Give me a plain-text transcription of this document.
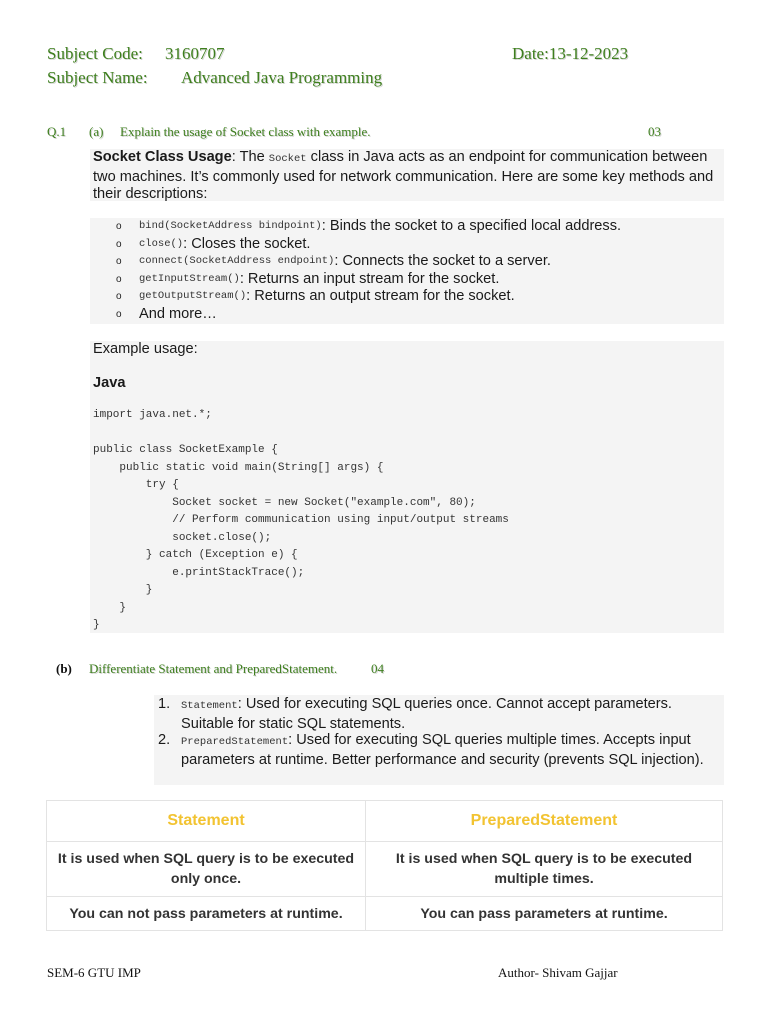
Subject Code: 3160707	Date:13-12-2023
Subject Name: Advanced Java Programming
Q.1 (a) Explain the usage of Socket class with example.	03
Socket Class Usage: The Socket class in Java acts as an endpoint for communication between two machines. It’s commonly used for network communication. Here are some key methods and their descriptions:
o	bind(SocketAddress bindpoint) : Binds the socket to a specified local address.
o	close() : Closes the socket.
o	connect(SocketAddress endpoint) : Connects the socket to a server.
o	getInputStream() : Returns an input stream for the socket.
o	getOutputStream() : Returns an output stream for the socket.
o	And more…
Example usage:
Java
import java.net.*;

public class SocketExample {
public static void main(String[] args) {
try {
Socket socket = new Socket("example.com", 80);
// Perform communication using input/output streams
socket.close();
} catch (Exception e) {
e.printStackTrace();
}
}
}
(b) Differentiate Statement and PreparedStatement.	04
1.	Statement: Used for executing SQL queries once. Cannot accept parameters. Suitable for static SQL statements.
2.	PreparedStatement: Used for executing SQL queries multiple times. Accepts input parameters at runtime. Better performance and security (prevents SQL injection).
Statement	PreparedStatement
It is used when SQL query is to be executed only once.	It is used when SQL query is to be executed multiple times.
You can not pass parameters at runtime.	You can pass parameters at runtime.
SEM-6 GTU IMP	Author- Shivam Gajjar
